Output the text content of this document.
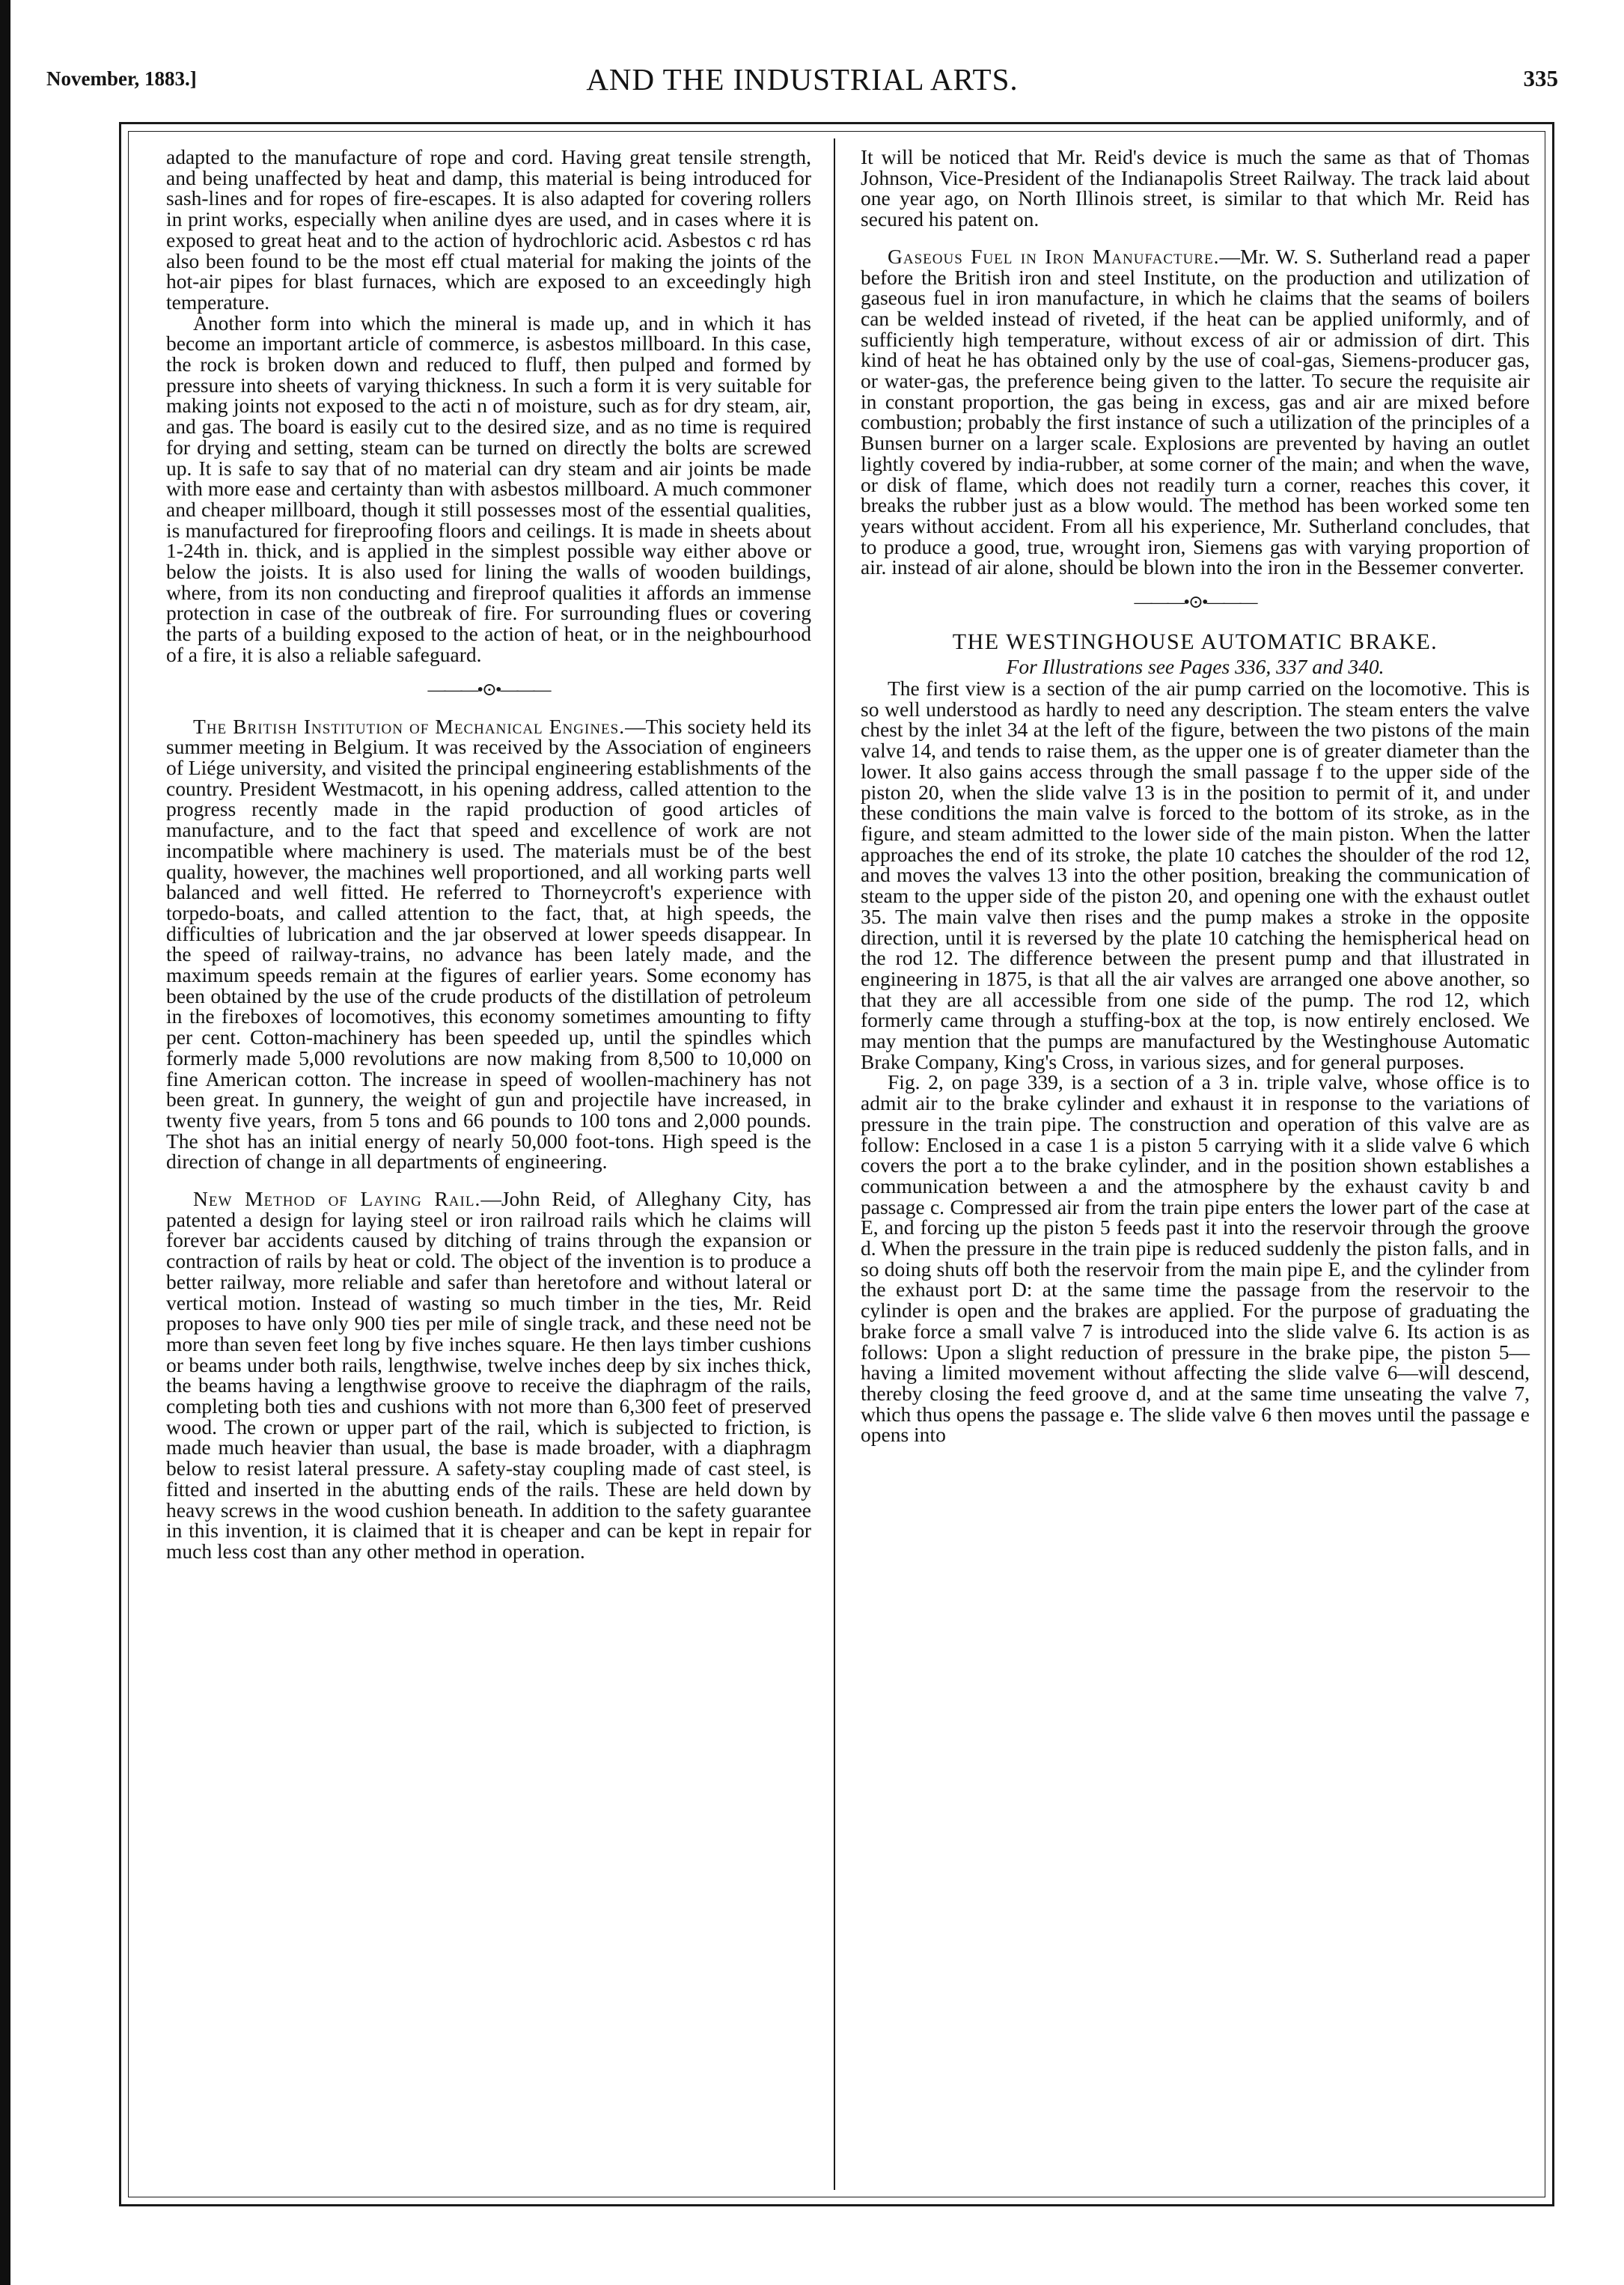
AND THE INDUSTRIAL ARTS.
November, 1883.]	335

adapted to the manufacture of rope and cord. Having great tensile strength, and being unaffected by heat and damp, this material is being introduced for sash-lines and for ropes of fire-escapes. It is also adapted for covering rollers in print works, especially when aniline dyes are used, and in cases where it is exposed to great heat and to the action of hydrochloric acid. Asbestos c rd has also been found to be the most eff ctual material for making the joints of the hot-air pipes for blast furnaces, which are exposed to an exceedingly high temperature.

Another form into which the mineral is made up, and in which it has become an important article of commerce, is asbestos millboard. In this case, the rock is broken down and reduced to fluff, then pulped and formed by pressure into sheets of varying thickness. In such a form it is very suitable for making joints not exposed to the acti n of moisture, such as for dry steam, air, and gas. The board is easily cut to the desired size, and as no time is required for drying and setting, steam can be turned on directly the bolts are screwed up. It is safe to say that of no material can dry steam and air joints be made with more ease and certainty than with asbestos millboard. A much commoner and cheaper millboard, though it still possesses most of the essential qualities, is manufactured for fireproofing floors and ceilings. It is made in sheets about 1-24th in. thick, and is applied in the simplest possible way either above or below the joists. It is also used for lining the walls of wooden buildings, where, from its non conducting and fireproof qualities it affords an immense protection in case of the outbreak of fire. For surrounding flues or covering the parts of a building exposed to the action of heat, or in the neighbourhood of a fire, it is also a reliable safeguard.

———•⊙•———

The British Institution of Mechanical Engines.—This society held its summer meeting in Belgium. It was received by the Association of engineers of Liége university, and visited the principal engineering establishments of the country. President Westmacott, in his opening address, called attention to the progress recently made in the rapid production of good articles of manufacture, and to the fact that speed and excellence of work are not incompatible where machinery is used. The materials must be of the best quality, however, the machines well proportioned, and all working parts well balanced and well fitted. He referred to Thorneycroft's experience with torpedo-boats, and called attention to the fact, that, at high speeds, the difficulties of lubrication and the jar observed at lower speeds disappear. In the speed of railway-trains, no advance has been lately made, and the maximum speeds remain at the figures of earlier years. Some economy has been obtained by the use of the crude products of the distillation of petroleum in the fireboxes of locomotives, this economy sometimes amounting to fifty per cent. Cotton-machinery has been speeded up, until the spindles which formerly made 5,000 revolutions are now making from 8,500 to 10,000 on fine American cotton. The increase in speed of woollen-machinery has not been great. In gunnery, the weight of gun and projectile have increased, in twenty five years, from 5 tons and 66 pounds to 100 tons and 2,000 pounds. The shot has an initial energy of nearly 50,000 foot-tons. High speed is the direction of change in all departments of engineering.

New Method of Laying Rail.—John Reid, of Alleghany City, has patented a design for laying steel or iron railroad rails which he claims will forever bar accidents caused by ditching of trains through the expansion or contraction of rails by heat or cold. The object of the invention is to produce a better railway, more reliable and safer than heretofore and without lateral or vertical motion. Instead of wasting so much timber in the ties, Mr. Reid proposes to have only 900 ties per mile of single track, and these need not be more than seven feet long by five inches square. He then lays timber cushions or beams under both rails, lengthwise, twelve inches deep by six inches thick, the beams having a lengthwise groove to receive the diaphragm of the rails, completing both ties and cushions with not more than 6,300 feet of preserved wood. The crown or upper part of the rail, which is subjected to friction, is made much heavier than usual, the base is made broader, with a diaphragm below to resist lateral pressure. A safety-stay coupling made of cast steel, is fitted and inserted in the abutting ends of the rails. These are held down by heavy screws in the wood cushion beneath. In addition to the safety guarantee in this invention, it is claimed that it is cheaper and can be kept in repair for much less cost than any other method in operation.

It will be noticed that Mr. Reid's device is much the same as that of Thomas Johnson, Vice-President of the Indianapolis Street Railway. The track laid about one year ago, on North Illinois street, is similar to that which Mr. Reid has secured his patent on.

Gaseous Fuel in Iron Manufacture.—Mr. W. S. Sutherland read a paper before the British iron and steel Institute, on the production and utilization of gaseous fuel in iron manufacture, in which he claims that the seams of boilers can be welded instead of riveted, if the heat can be applied uniformly, and of sufficiently high temperature, without excess of air or admission of dirt. This kind of heat he has obtained only by the use of coal-gas, Siemens-producer gas, or water-gas, the preference being given to the latter. To secure the requisite air in constant proportion, the gas being in excess, gas and air are mixed before combustion; probably the first instance of such a utilization of the principles of a Bunsen burner on a larger scale. Explosions are prevented by having an outlet lightly covered by india-rubber, at some corner of the main; and when the wave, or disk of flame, which does not readily turn a corner, reaches this cover, it breaks the rubber just as a blow would. The method has been worked some ten years without accident. From all his experience, Mr. Sutherland concludes, that to produce a good, true, wrought iron, Siemens gas with varying proportion of air. instead of air alone, should be blown into the iron in the Bessemer converter.

———•⊙•———

THE WESTINGHOUSE AUTOMATIC BRAKE.

For Illustrations see Pages 336, 337 and 340.

The first view is a section of the air pump carried on the locomotive. This is so well understood as hardly to need any description. The steam enters the valve chest by the inlet 34 at the left of the figure, between the two pistons of the main valve 14, and tends to raise them, as the upper one is of greater diameter than the lower. It also gains access through the small passage f to the upper side of the piston 20, when the slide valve 13 is in the position to permit of it, and under these conditions the main valve is forced to the bottom of its stroke, as in the figure, and steam admitted to the lower side of the main piston. When the latter approaches the end of its stroke, the plate 10 catches the shoulder of the rod 12, and moves the valves 13 into the other position, breaking the communication of steam to the upper side of the piston 20, and opening one with the exhaust outlet 35. The main valve then rises and the pump makes a stroke in the opposite direction, until it is reversed by the plate 10 catching the hemispherical head on the rod 12. The difference between the present pump and that illustrated in engineering in 1875, is that all the air valves are arranged one above another, so that they are all accessible from one side of the pump. The rod 12, which formerly came through a stuffing-box at the top, is now entirely enclosed. We may mention that the pumps are manufactured by the Westinghouse Automatic Brake Company, King's Cross, in various sizes, and for general purposes.

Fig. 2, on page 339, is a section of a 3 in. triple valve, whose office is to admit air to the brake cylinder and exhaust it in response to the variations of pressure in the train pipe. The construction and operation of this valve are as follow: Enclosed in a case 1 is a piston 5 carrying with it a slide valve 6 which covers the port a to the brake cylinder, and in the position shown establishes a communication between a and the atmosphere by the exhaust cavity b and passage c. Compressed air from the train pipe enters the lower part of the case at E, and forcing up the piston 5 feeds past it into the reservoir through the groove d. When the pressure in the train pipe is reduced suddenly the piston falls, and in so doing shuts off both the reservoir from the main pipe E, and the cylinder from the exhaust port D: at the same time the passage from the reservoir to the cylinder is open and the brakes are applied. For the purpose of graduating the brake force a small valve 7 is introduced into the slide valve 6. Its action is as follows: Upon a slight reduction of pressure in the brake pipe, the piston 5—having a limited movement without affecting the slide valve 6—will descend, thereby closing the feed groove d, and at the same time unseating the valve 7, which thus opens the passage e. The slide valve 6 then moves until the passage e opens into
